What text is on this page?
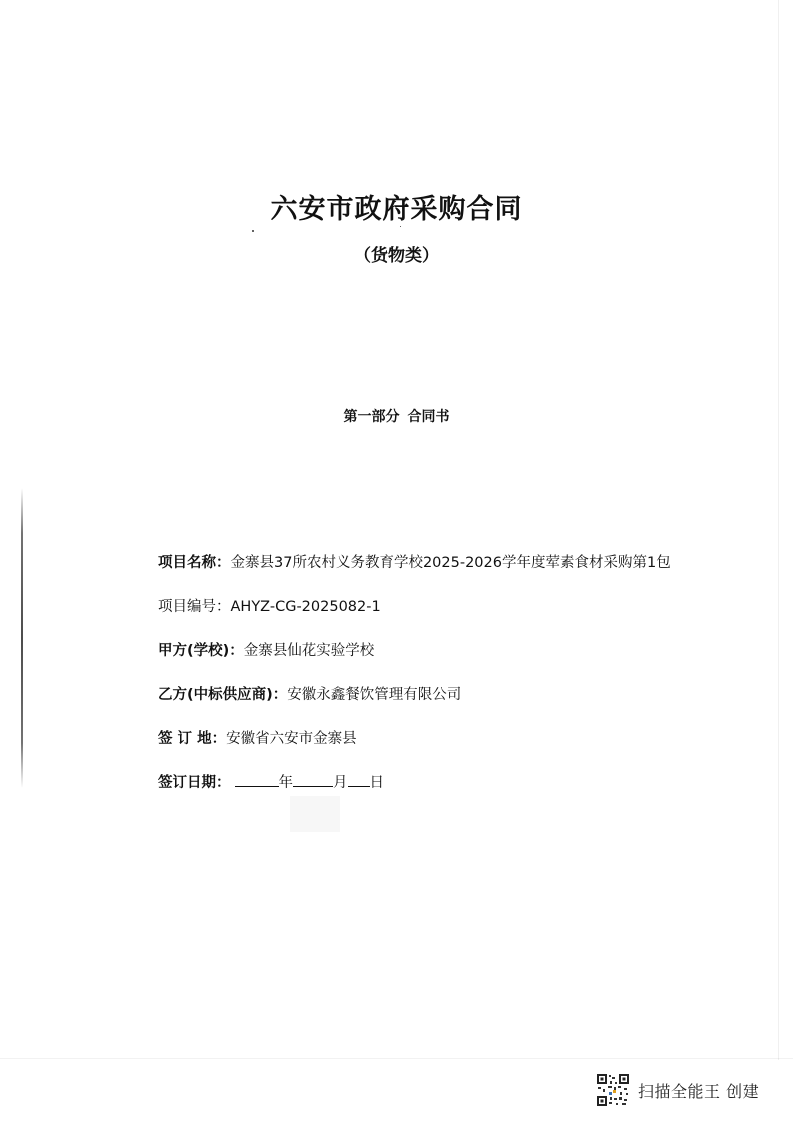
六安市政府采购合同
（货物类）
第一部分 合同书
项目名称：金寨县37所农村义务教育学校2025-2026学年度荤素食材采购第1包
项目编号：AHYZ-CG-2025082-1
甲方(学校)：金寨县仙花实验学校
乙方(中标供应商)：安徽永鑫餐饮管理有限公司
签 订 地：安徽省六安市金寨县
签订日期：	年	月 日
扫描全能王 创建
